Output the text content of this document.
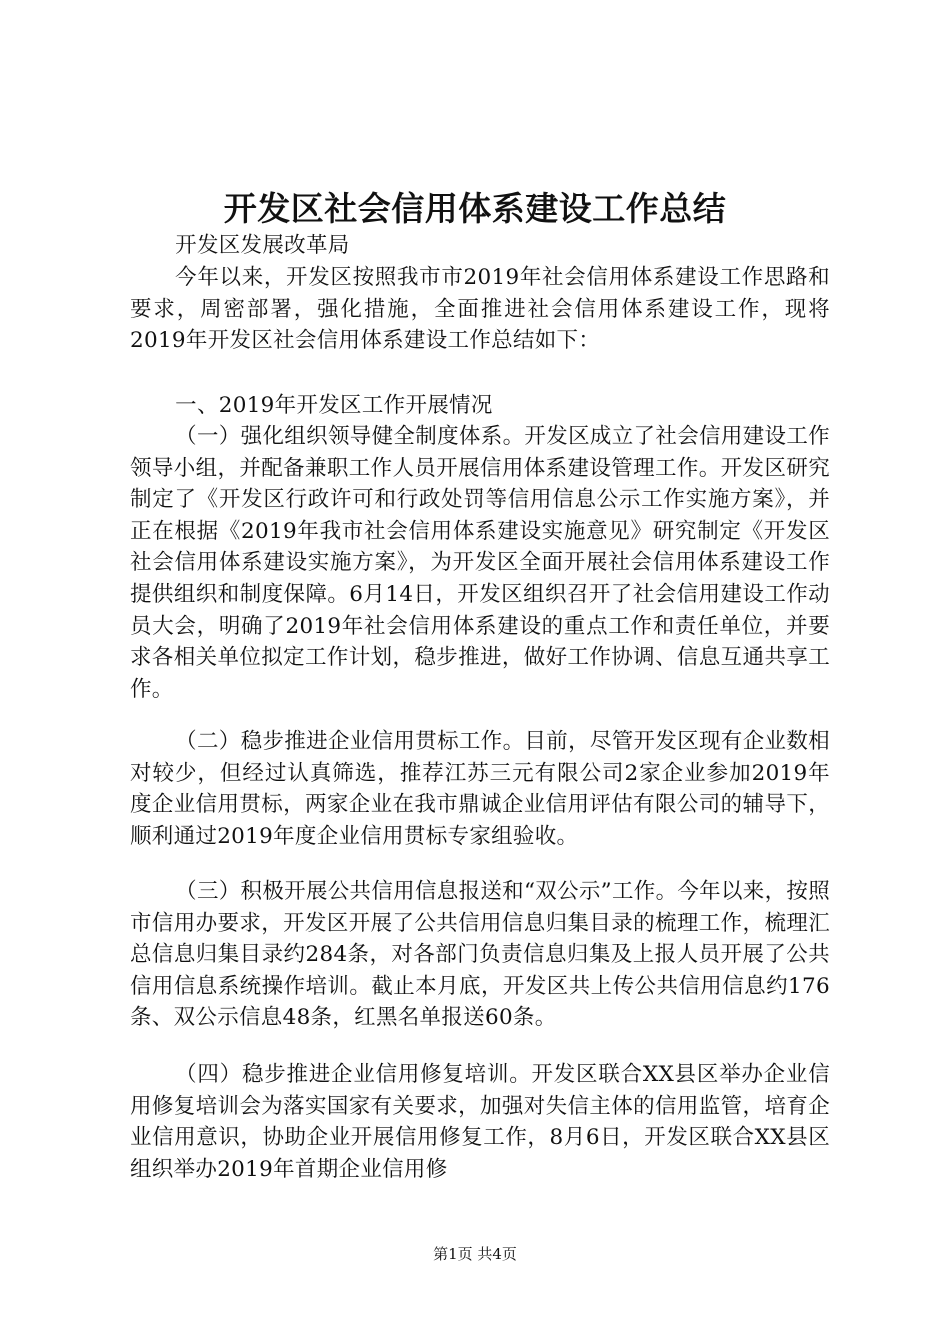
开发区社会信用体系建设工作总结

开发区发展改革局

今年以来，开发区按照我市市2019年社会信用体系建设工作思路和要求，周密部署，强化措施，全面推进社会信用体系建设工作，现将2019年开发区社会信用体系建设工作总结如下：

一、2019年开发区工作开展情况

（一）强化组织领导健全制度体系。开发区成立了社会信用建设工作领导小组，并配备兼职工作人员开展信用体系建设管理工作。开发区研究制定了《开发区行政许可和行政处罚等信用信息公示工作实施方案》，并正在根据《2019年我市社会信用体系建设实施意见》研究制定《开发区社会信用体系建设实施方案》，为开发区全面开展社会信用体系建设工作提供组织和制度保障。6月14日，开发区组织召开了社会信用建设工作动员大会，明确了2019年社会信用体系建设的重点工作和责任单位，并要求各相关单位拟定工作计划，稳步推进，做好工作协调、信息互通共享工作。

（二）稳步推进企业信用贯标工作。目前，尽管开发区现有企业数相对较少，但经过认真筛选，推荐江苏三元有限公司2家企业参加2019年度企业信用贯标，两家企业在我市鼎诚企业信用评估有限公司的辅导下，顺利通过2019年度企业信用贯标专家组验收。

（三）积极开展公共信用信息报送和“双公示”工作。今年以来，按照市信用办要求，开发区开展了公共信用信息归集目录的梳理工作，梳理汇总信息归集目录约284条，对各部门负责信息归集及上报人员开展了公共信用信息系统操作培训。截止本月底，开发区共上传公共信用信息约176条、双公示信息48条，红黑名单报送60条。

（四）稳步推进企业信用修复培训。开发区联合XX县区举办企业信用修复培训会为落实国家有关要求，加强对失信主体的信用监管，培育企业信用意识，协助企业开展信用修复工作，8月6日，开发区联合XX县区组织举办2019年首期企业信用修

第1页 共4页
